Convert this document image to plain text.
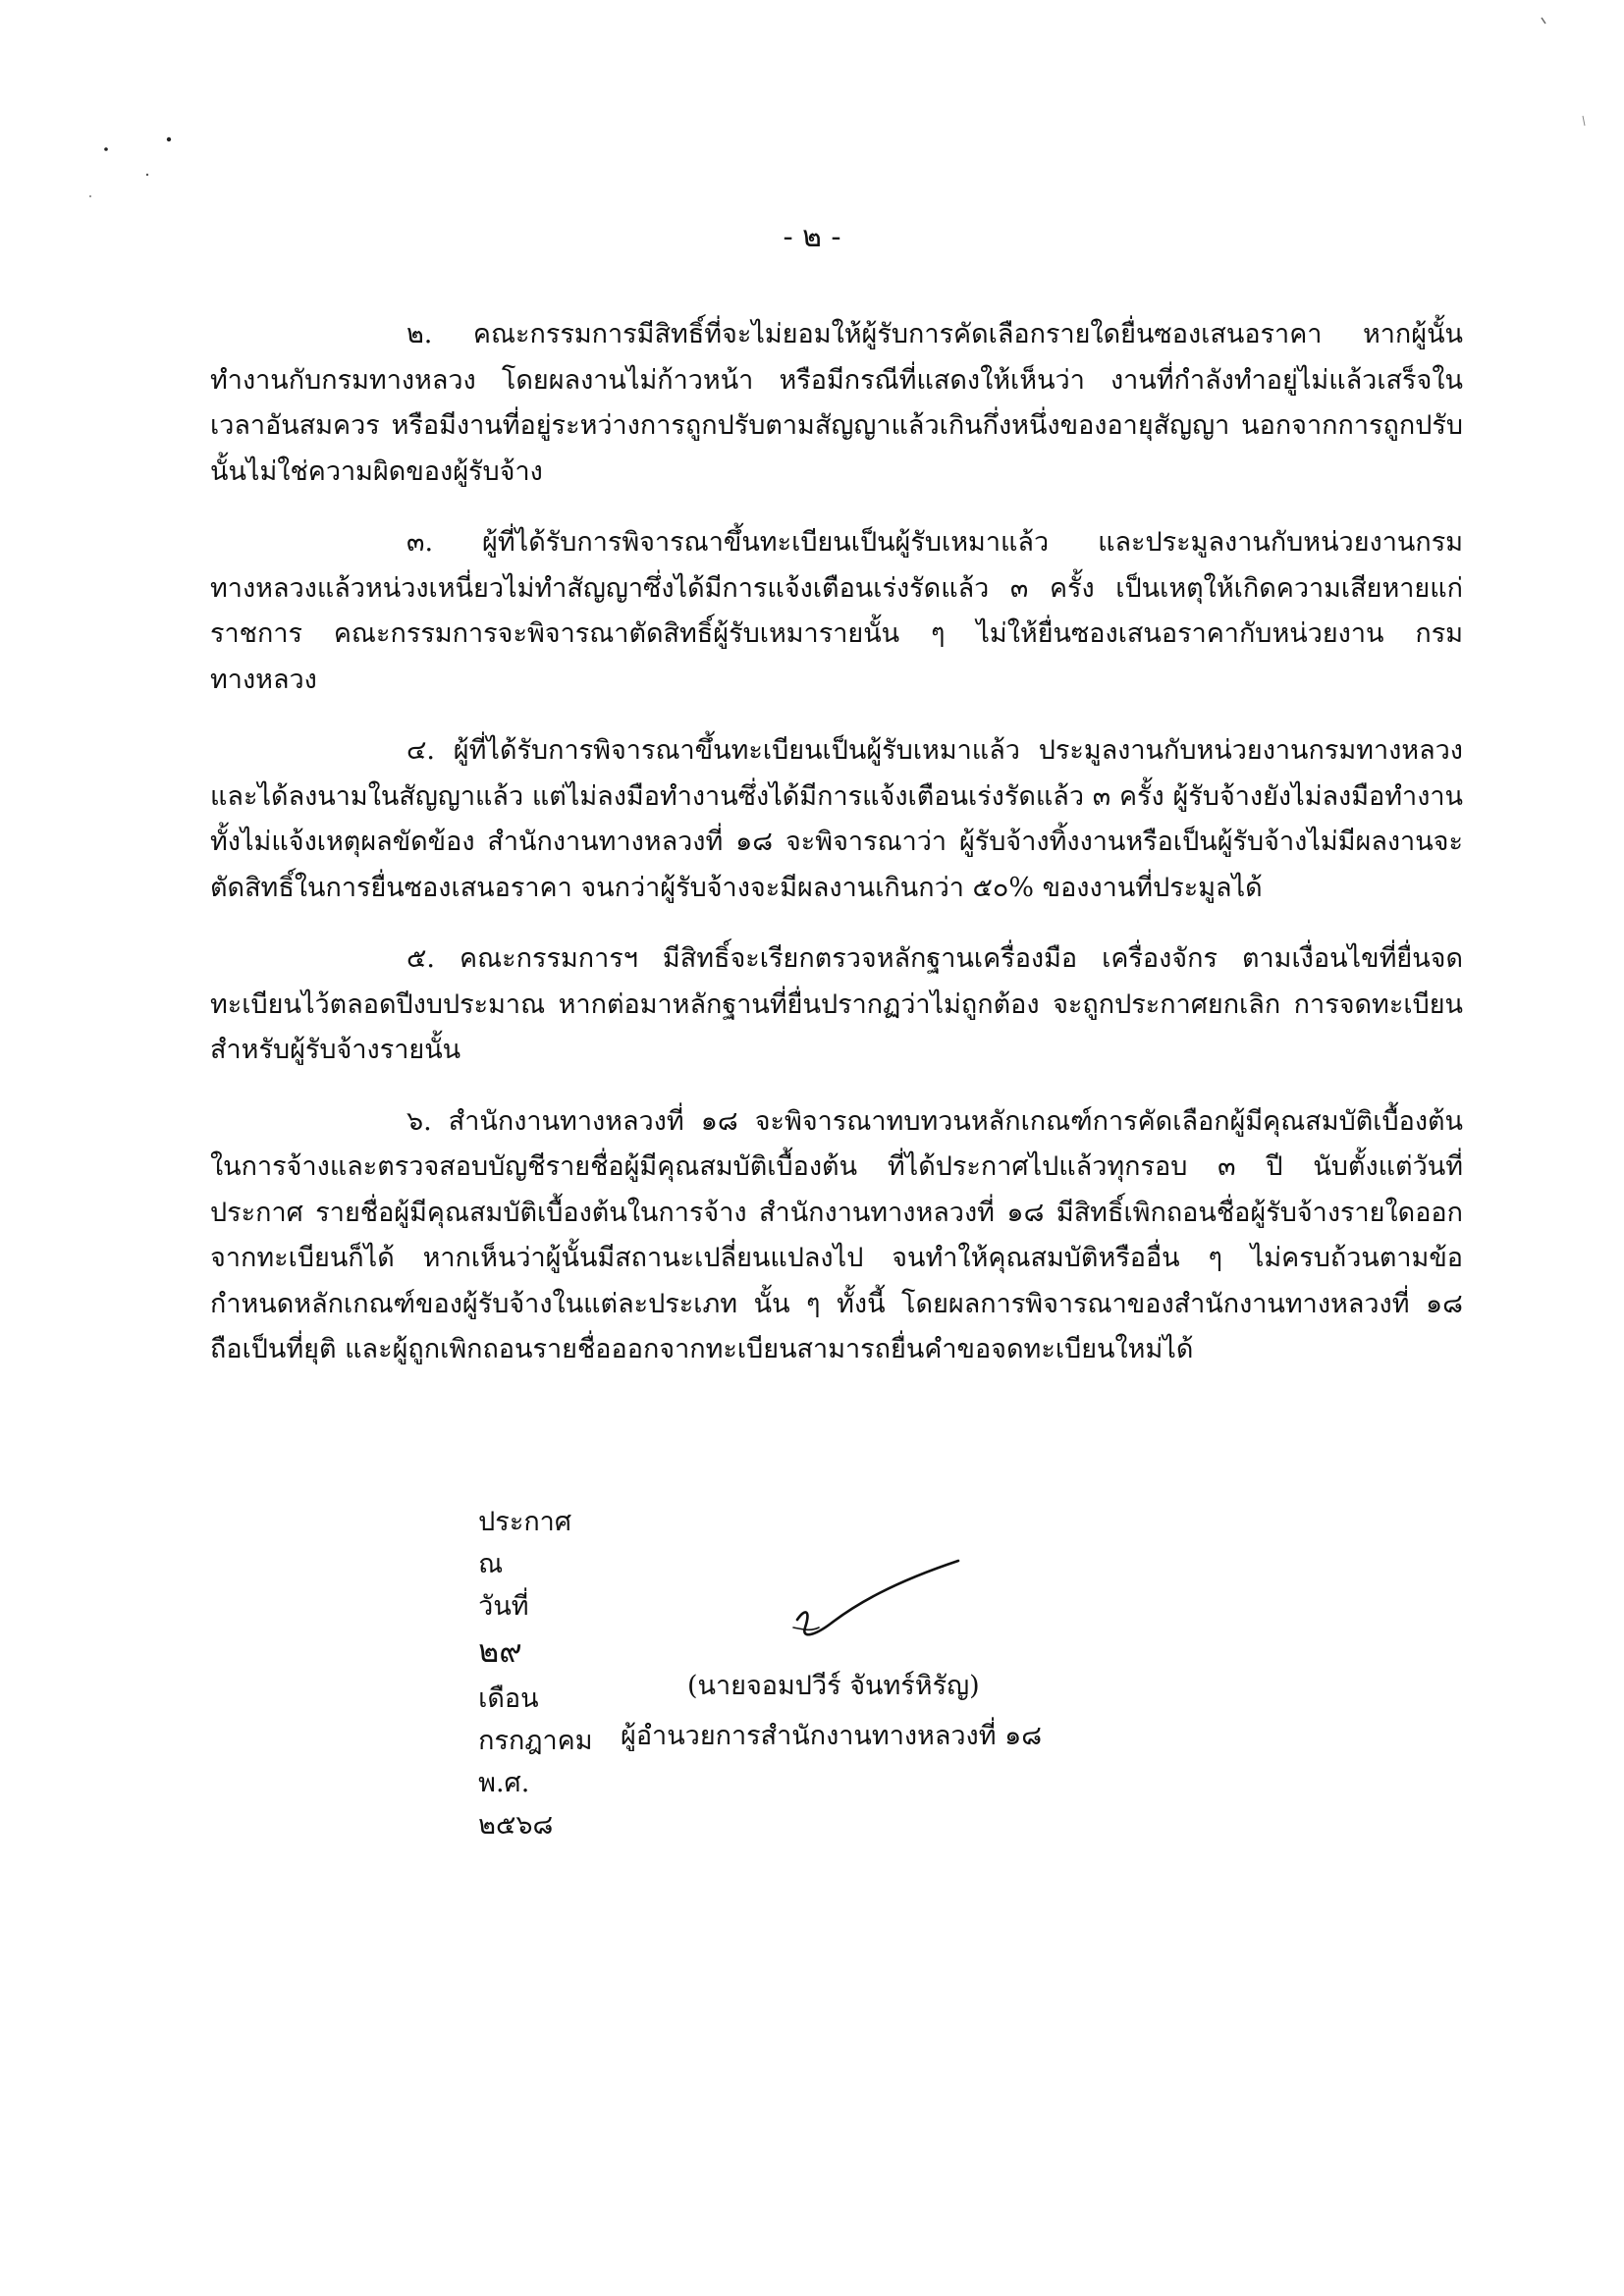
- ๒ -

๒. คณะกรรมการมีสิทธิ์ที่จะไม่ยอมให้ผู้รับการคัดเลือกรายใดยื่นซองเสนอราคา หากผู้นั้นทำงานกับกรมทางหลวง โดยผลงานไม่ก้าวหน้า หรือมีกรณีที่แสดงให้เห็นว่า งานที่กำลังทำอยู่ไม่แล้วเสร็จในเวลาอันสมควร หรือมีงานที่อยู่ระหว่างการถูกปรับตามสัญญาแล้วเกินกึ่งหนึ่งของอายุสัญญา นอกจากการถูกปรับนั้นไม่ใช่ความผิดของผู้รับจ้าง

๓. ผู้ที่ได้รับการพิจารณาขึ้นทะเบียนเป็นผู้รับเหมาแล้ว และประมูลงานกับหน่วยงานกรมทางหลวงแล้วหน่วงเหนี่ยวไม่ทำสัญญาซึ่งได้มีการแจ้งเตือนเร่งรัดแล้ว ๓ ครั้ง เป็นเหตุให้เกิดความเสียหายแก่ราชการ คณะกรรมการจะพิจารณาตัดสิทธิ์ผู้รับเหมารายนั้น ๆ ไม่ให้ยื่นซองเสนอราคากับหน่วยงาน กรมทางหลวง

๔. ผู้ที่ได้รับการพิจารณาขึ้นทะเบียนเป็นผู้รับเหมาแล้ว ประมูลงานกับหน่วยงานกรมทางหลวงและได้ลงนามในสัญญาแล้ว แต่ไม่ลงมือทำงานซึ่งได้มีการแจ้งเตือนเร่งรัดแล้ว ๓ ครั้ง ผู้รับจ้างยังไม่ลงมือทำงานทั้งไม่แจ้งเหตุผลขัดข้อง สำนักงานทางหลวงที่ ๑๘ จะพิจารณาว่า ผู้รับจ้างทิ้งงานหรือเป็นผู้รับจ้างไม่มีผลงานจะตัดสิทธิ์ในการยื่นซองเสนอราคา จนกว่าผู้รับจ้างจะมีผลงานเกินกว่า ๕๐% ของงานที่ประมูลได้

๕. คณะกรรมการฯ มีสิทธิ์จะเรียกตรวจหลักฐานเครื่องมือ เครื่องจักร ตามเงื่อนไขที่ยื่นจดทะเบียนไว้ตลอดปีงบประมาณ หากต่อมาหลักฐานที่ยื่นปรากฏว่าไม่ถูกต้อง จะถูกประกาศยกเลิก การจดทะเบียนสำหรับผู้รับจ้างรายนั้น

๖. สำนักงานทางหลวงที่ ๑๘ จะพิจารณาทบทวนหลักเกณฑ์การคัดเลือกผู้มีคุณสมบัติเบื้องต้นในการจ้างและตรวจสอบบัญชีรายชื่อผู้มีคุณสมบัติเบื้องต้น ที่ได้ประกาศไปแล้วทุกรอบ ๓ ปี นับตั้งแต่วันที่ประกาศ รายชื่อผู้มีคุณสมบัติเบื้องต้นในการจ้าง สำนักงานทางหลวงที่ ๑๘ มีสิทธิ์เพิกถอนชื่อผู้รับจ้างรายใดออกจากทะเบียนก็ได้ หากเห็นว่าผู้นั้นมีสถานะเปลี่ยนแปลงไป จนทำให้คุณสมบัติหรืออื่น ๆ ไม่ครบถ้วนตามข้อกำหนดหลักเกณฑ์ของผู้รับจ้างในแต่ละประเภท นั้น ๆ ทั้งนี้ โดยผลการพิจารณาของสำนักงานทางหลวงที่ ๑๘ ถือเป็นที่ยุติ และผู้ถูกเพิกถอนรายชื่อออกจากทะเบียนสามารถยื่นคำขอจดทะเบียนใหม่ได้

ประกาศ
ณ
วันที่
๒๙
เดือน
กรกฎาคม
พ.ศ.
๒๕๖๘

(นายจอมปวีร์ จันทร์หิรัญ)
ผู้อำนวยการสำนักงานทางหลวงที่ ๑๘
